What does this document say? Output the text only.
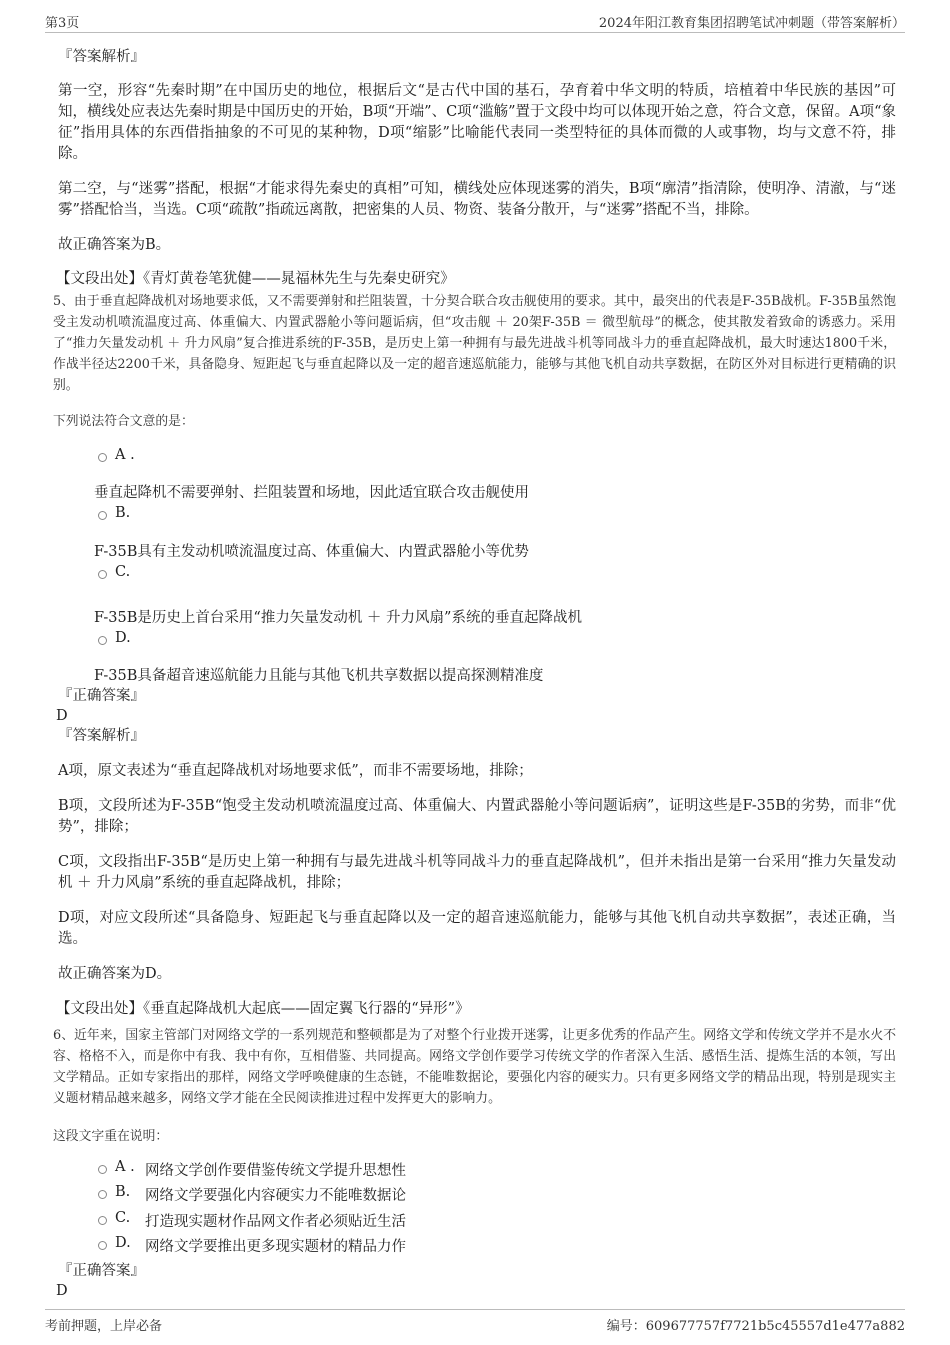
第3页	2024年阳江教育集团招聘笔试冲刺题（带答案解析）
『答案解析』
第一空，形容“先秦时期”在中国历史的地位，根据后文“是古代中国的基石，孕育着中华文明的特质，培植着中华民族的基因”可知，横线处应表达先秦时期是中国历史的开始，B项“开端”、C项“滥觞”置于文段中均可以体现开始之意，符合文意，保留。A项“象征”指用具体的东西借指抽象的不可见的某种物，D项“缩影”比喻能代表同一类型特征的具体而微的人或事物，均与文意不符，排除。
第二空，与“迷雾”搭配，根据“才能求得先秦史的真相”可知，横线处应体现迷雾的消失，B项“廓清”指清除，使明净、清澈，与“迷雾”搭配恰当，当选。C项“疏散”指疏远离散，把密集的人员、物资、装备分散开，与“迷雾”搭配不当，排除。
故正确答案为B。
【文段出处】《青灯黄卷笔犹健——晁福林先生与先秦史研究》
5、由于垂直起降战机对场地要求低，又不需要弹射和拦阻装置，十分契合联合攻击舰使用的要求。其中，最突出的代表是F-35B战机。F-35B虽然饱受主发动机喷流温度过高、体重偏大、内置武器舱小等问题诟病，但“攻击舰 ＋ 20架F-35B ＝ 微型航母”的概念，使其散发着致命的诱惑力。采用了“推力矢量发动机 ＋ 升力风扇”复合推进系统的F-35B，是历史上第一种拥有与最先进战斗机等同战斗力的垂直起降战机，最大时速达1800千米，作战半径达2200千米，具备隐身、短距起飞与垂直起降以及一定的超音速巡航能力，能够与其他飞机自动共享数据，在防区外对目标进行更精确的识别。
下列说法符合文意的是：
A .
垂直起降机不需要弹射、拦阻装置和场地，因此适宜联合攻击舰使用
B.
F-35B具有主发动机喷流温度过高、体重偏大、内置武器舱小等优势
C.
F-35B是历史上首台采用“推力矢量发动机 ＋ 升力风扇”系统的垂直起降战机
D.
F-35B具备超音速巡航能力且能与其他飞机共享数据以提高探测精准度
『正确答案』
D
『答案解析』
A项，原文表述为“垂直起降战机对场地要求低”，而非不需要场地，排除；
B项，文段所述为F-35B“饱受主发动机喷流温度过高、体重偏大、内置武器舱小等问题诟病”，证明这些是F-35B的劣势，而非“优势”，排除；
C项，文段指出F-35B“是历史上第一种拥有与最先进战斗机等同战斗力的垂直起降战机”，但并未指出是第一台采用“推力矢量发动机 ＋ 升力风扇”系统的垂直起降战机，排除；
D项，对应文段所述“具备隐身、短距起飞与垂直起降以及一定的超音速巡航能力，能够与其他飞机自动共享数据”，表述正确，当选。
故正确答案为D。
【文段出处】《垂直起降战机大起底——固定翼飞行器的“异形”》
6、近年来，国家主管部门对网络文学的一系列规范和整顿都是为了对整个行业拨开迷雾，让更多优秀的作品产生。网络文学和传统文学并不是水火不容、格格不入，而是你中有我、我中有你，互相借鉴、共同提高。网络文学创作要学习传统文学的作者深入生活、感悟生活、提炼生活的本领，写出文学精品。正如专家指出的那样，网络文学呼唤健康的生态链，不能唯数据论，要强化内容的硬实力。只有更多网络文学的精品出现，特别是现实主义题材精品越来越多，网络文学才能在全民阅读推进过程中发挥更大的影响力。
这段文字重在说明：
A . 网络文学创作要借鉴传统文学提升思想性
B. 网络文学要强化内容硬实力不能唯数据论
C. 打造现实题材作品网文作者必须贴近生活
D. 网络文学要推出更多现实题材的精品力作
『正确答案』
D
考前押题，上岸必备	编号：609677757f7721b5c45557d1e477a882
